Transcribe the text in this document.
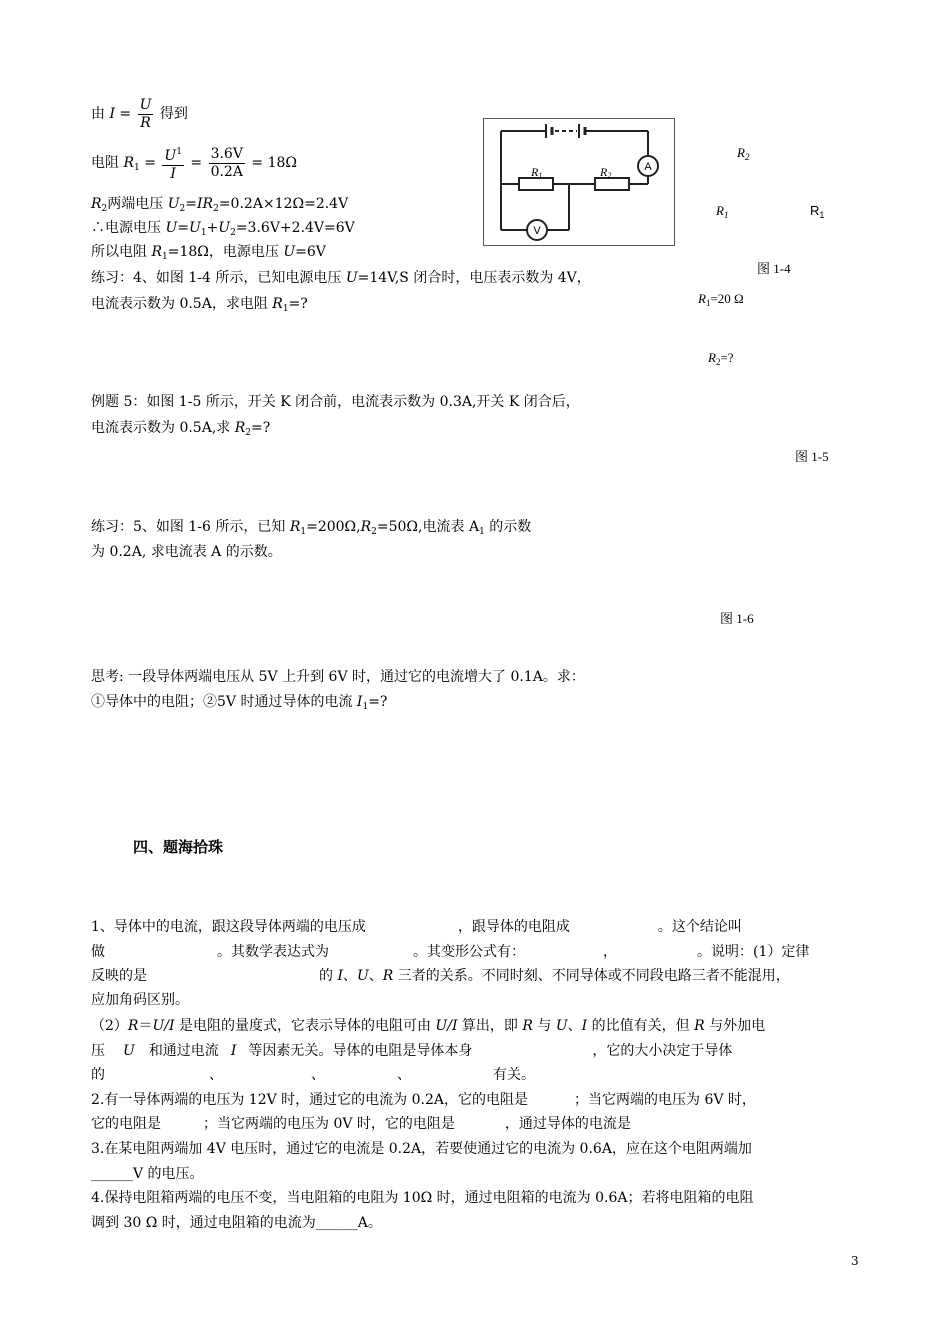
由 $I = \frac{U}{R}$ 得到
电阻 $R_1 = \frac{U^1}{I} = \frac{3.6V}{0.2A} = 18\Omega$
$R_2$两端电压 $U_2=IR_2=0.2A\times 12\Omega=2.4V$
∴电源电压 $U=U_1+U_2=3.6V+2.4V=6V$
所以电阻 $R_1=18\Omega$，电源电压 U=6V
A
R1	R2
V
$R_2$
$R_1$	$R_1$
图 1-4
$R_1=20$ Ω
$R_2=$?
练习：4、如图 1-4 所示，已知电源电压 U=14V,S 闭合时，电压表示数为 4V，
电流表示数为 0.5A，求电阻 $R_1=$?
例题 5：如图 1-5 所示，开关 K 闭合前，电流表示数为 0.3A,开关 K 闭合后，
电流表示数为 0.5A,求 $R_2=$?
图 1-5
练习：5、如图 1-6 所示，已知 $R_1=200\Omega,R_2=50\Omega$,电流表 $A_1$ 的示数
为 0.2A, 求电流表 A 的示数。
图 1-6
思考: 一段导体两端电压从 5V 上升到 6V 时，通过它的电流增大了 0.1A。求：
①导体中的电阻；②5V 时通过导体的电流 $I_1=$?
四、题海拾珠
1、导体中的电流，跟这段导体两端的电压成	，跟导体的电阻成	。这个结论叫
做	。其数学表达式为	。其变形公式有：	，	。说明：(1）定律
反映的是	的 I、U、R 三者的关系。不同时刻、不同导体或不同段电路三者不能混用，
应加角码区别。
（2）R＝U/I 是电阻的量度式，它表示导体的电阻可由 U/I 算出，即 R 与 U、I 的比值有关，但 R 与外加电
压 U 和通过电流 I 等因素无关。导体的电阻是导体本身	，它的大小决定于导体
的	、	、	、	有关。
2.有一导体两端的电压为 12V 时，通过它的电流为 0.2A，它的电阻是	；当它两端的电压为 6V 时，
它的电阻是	；当它两端的电压为 0V 时，它的电阻是	，通过导体的电流是
3.在某电阻两端加 4V 电压时，通过它的电流是 0.2A，若要使通过它的电流为 0.6A，应在这个电阻两端加
______V 的电压。
4.保持电阻箱两端的电压不变，当电阻箱的电阻为 10Ω 时，通过电阻箱的电流为 0.6A；若将电阻箱的电阻
调到 30 Ω 时，通过电阻箱的电流为______A。
3
